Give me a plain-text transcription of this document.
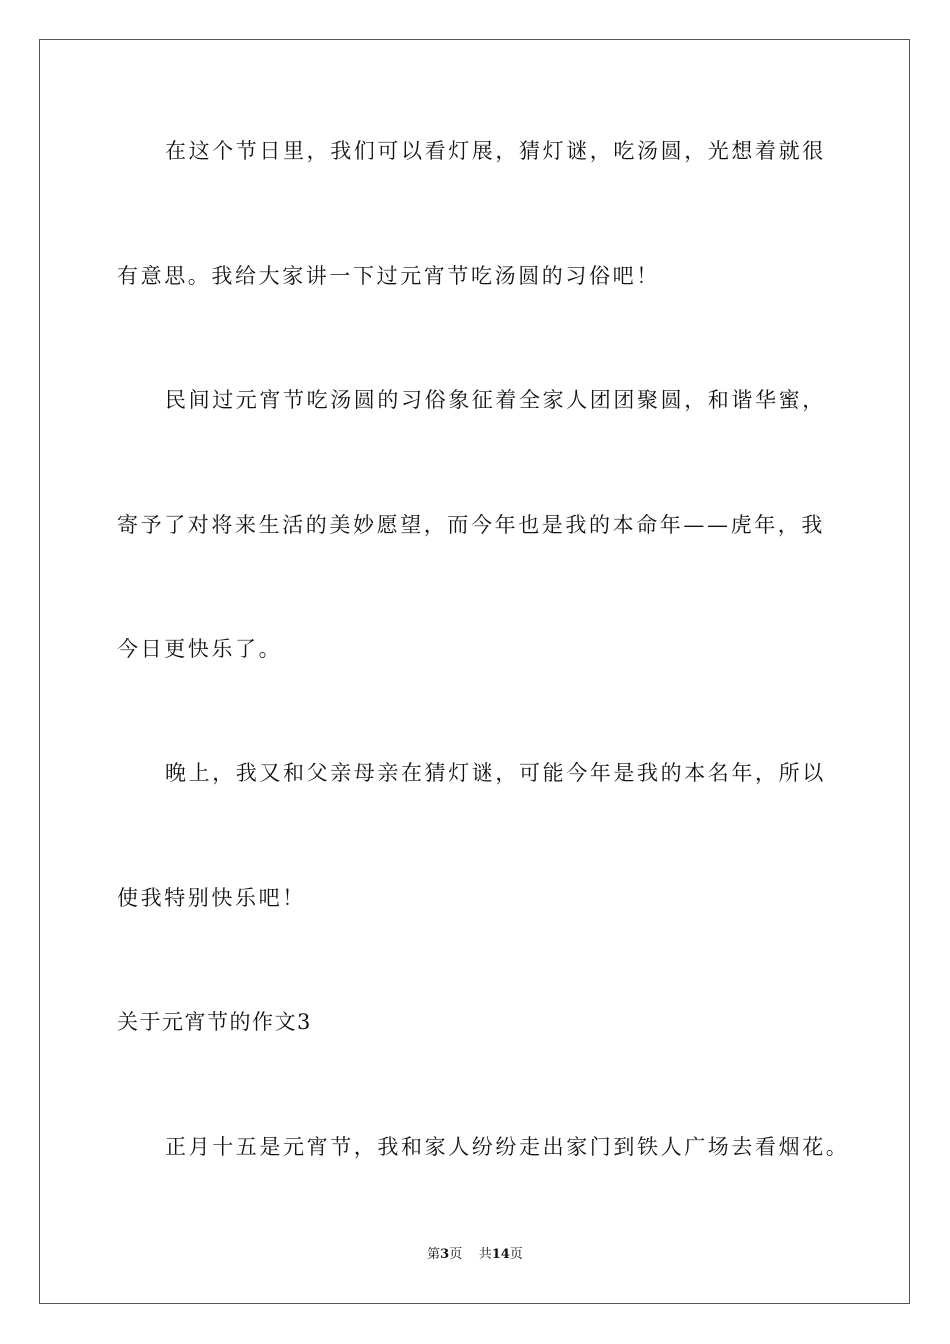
在这个节日里，我们可以看灯展，猜灯谜，吃汤圆，光想着就很

有意思。我给大家讲一下过元宵节吃汤圆的习俗吧！

民间过元宵节吃汤圆的习俗象征着全家人团团聚圆，和谐华蜜，

寄予了对将来生活的美妙愿望，而今年也是我的本命年——虎年，我

今日更快乐了。

晚上，我又和父亲母亲在猜灯谜，可能今年是我的本名年，所以

使我特别快乐吧！

关于元宵节的作文3

正月十五是元宵节，我和家人纷纷走出家门到铁人广场去看烟花。

第3页 共14页
